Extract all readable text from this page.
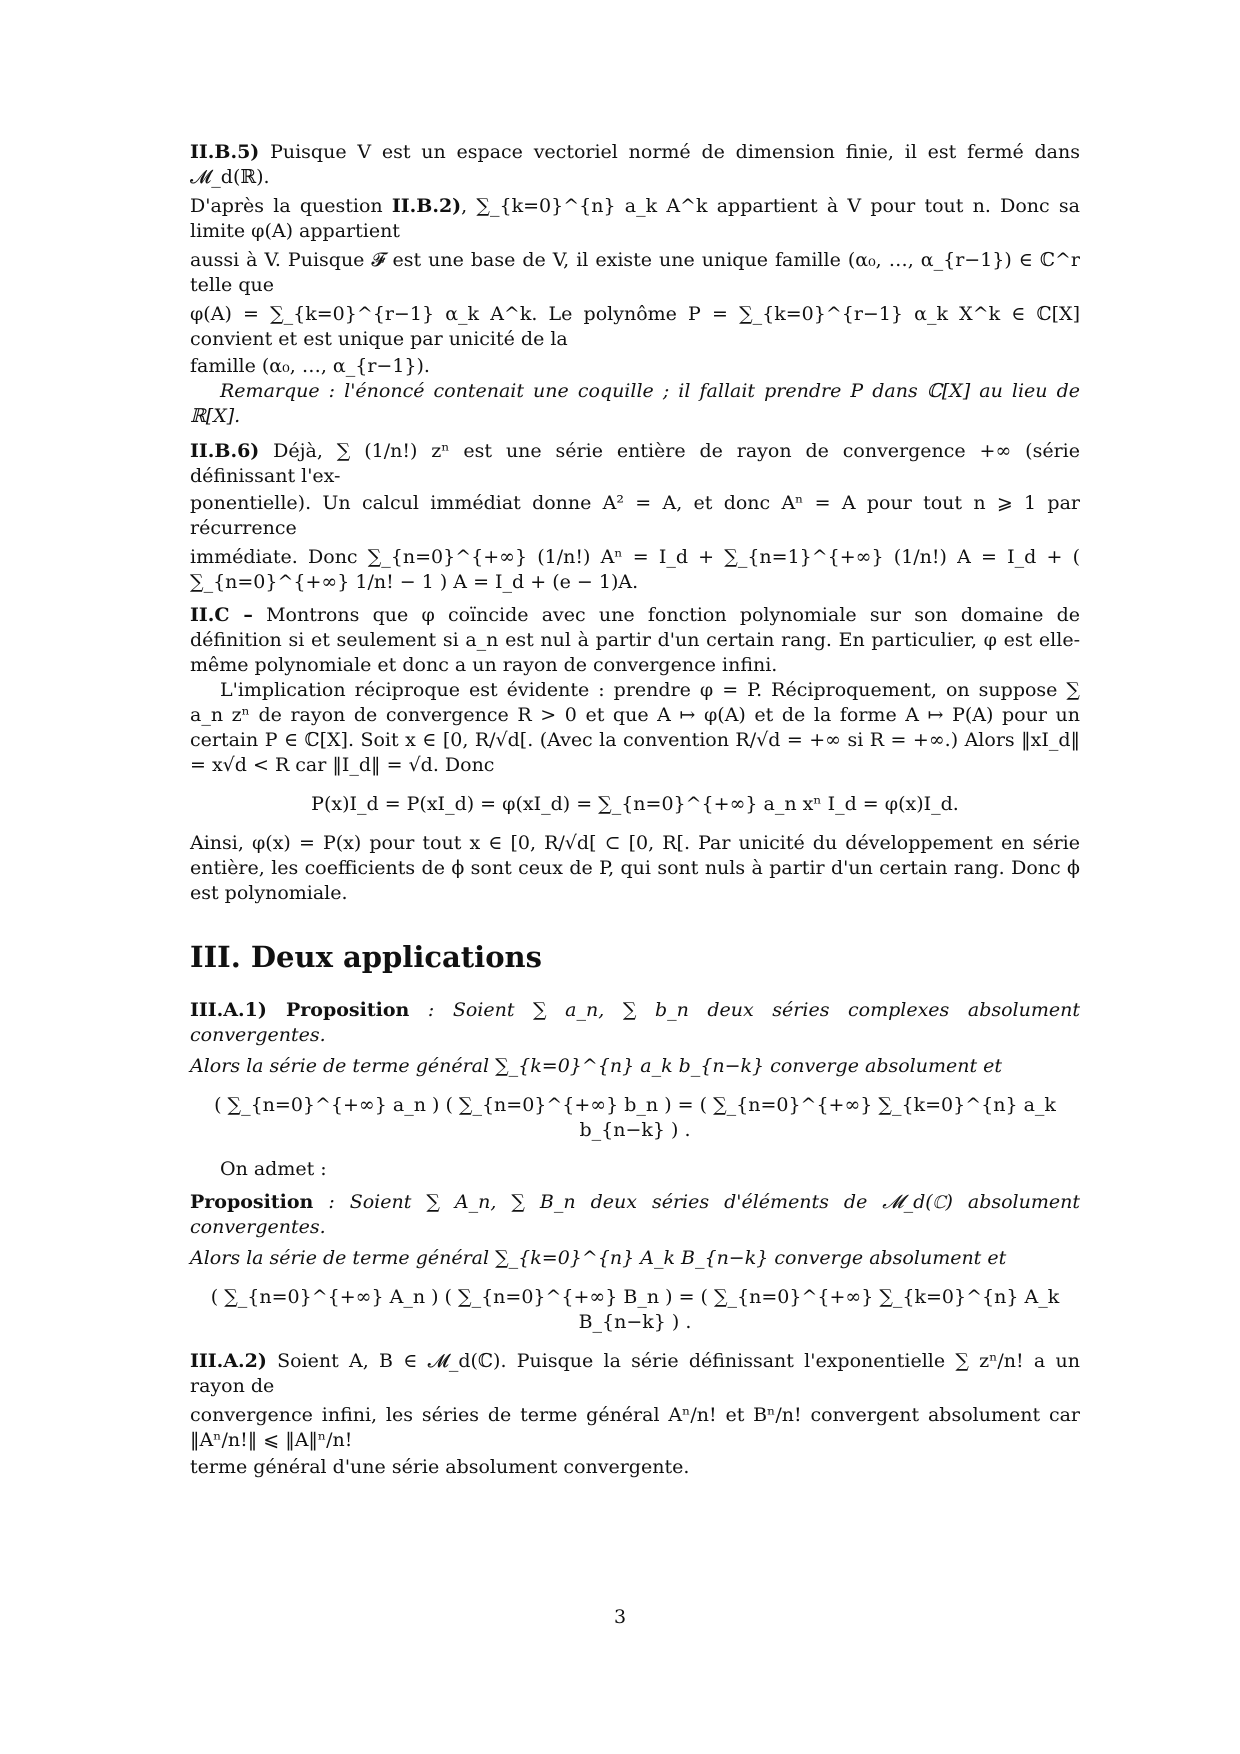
II.B.5) Puisque V est un espace vectoriel normé de dimension finie, il est fermé dans 𝓜_d(ℝ).

D'après la question II.B.2), ∑_{k=0}^{n} a_k A^k appartient à V pour tout n. Donc sa limite φ(A) appartient

aussi à V. Puisque 𝓕 est une base de V, il existe une unique famille (α₀, …, α_{r−1}) ∈ ℂ^r telle que

φ(A) = ∑_{k=0}^{r−1} α_k A^k. Le polynôme P = ∑_{k=0}^{r−1} α_k X^k ∈ ℂ[X] convient et est unique par unicité de la

famille (α₀, …, α_{r−1}).

Remarque : l'énoncé contenait une coquille ; il fallait prendre P dans ℂ[X] au lieu de ℝ[X].

II.B.6) Déjà, ∑ (1/n!) zⁿ est une série entière de rayon de convergence +∞ (série définissant l'ex-

ponentielle). Un calcul immédiat donne A² = A, et donc Aⁿ = A pour tout n ⩾ 1 par récurrence

immédiate. Donc ∑_{n=0}^{+∞} (1/n!) Aⁿ = I_d + ∑_{n=1}^{+∞} (1/n!) A = I_d + ( ∑_{n=0}^{+∞} 1/n! − 1 ) A = I_d + (e − 1)A.

II.C – Montrons que φ coïncide avec une fonction polynomiale sur son domaine de définition si et seulement si a_n est nul à partir d'un certain rang. En particulier, φ est elle-même polynomiale et donc a un rayon de convergence infini.

L'implication réciproque est évidente : prendre φ = P. Réciproquement, on suppose ∑ a_n zⁿ de rayon de convergence R > 0 et que A ↦ φ(A) et de la forme A ↦ P(A) pour un certain P ∈ ℂ[X]. Soit x ∈ [0, R/√d[. (Avec la convention R/√d = +∞ si R = +∞.) Alors ‖xI_d‖ = x√d < R car ‖I_d‖ = √d. Donc

P(x)I_d = P(xI_d) = φ(xI_d) = ∑_{n=0}^{+∞} a_n xⁿ I_d = φ(x)I_d.

Ainsi, φ(x) = P(x) pour tout x ∈ [0, R/√d[ ⊂ [0, R[. Par unicité du développement en série entière, les coefficients de ϕ sont ceux de P, qui sont nuls à partir d'un certain rang. Donc ϕ est polynomiale.

III. Deux applications

III.A.1) Proposition : Soient ∑ a_n, ∑ b_n deux séries complexes absolument convergentes.

Alors la série de terme général ∑_{k=0}^{n} a_k b_{n−k} converge absolument et

( ∑_{n=0}^{+∞} a_n ) ( ∑_{n=0}^{+∞} b_n ) = ( ∑_{n=0}^{+∞} ∑_{k=0}^{n} a_k b_{n−k} ) .

On admet :

Proposition : Soient ∑ A_n, ∑ B_n deux séries d'éléments de 𝓜_d(ℂ) absolument convergentes.

Alors la série de terme général ∑_{k=0}^{n} A_k B_{n−k} converge absolument et

( ∑_{n=0}^{+∞} A_n ) ( ∑_{n=0}^{+∞} B_n ) = ( ∑_{n=0}^{+∞} ∑_{k=0}^{n} A_k B_{n−k} ) .

III.A.2) Soient A, B ∈ 𝓜_d(ℂ). Puisque la série définissant l'exponentielle ∑ zⁿ/n! a un rayon de

convergence infini, les séries de terme général Aⁿ/n! et Bⁿ/n! convergent absolument car ‖Aⁿ/n!‖ ⩽ ‖A‖ⁿ/n!

terme général d'une série absolument convergente.

3
